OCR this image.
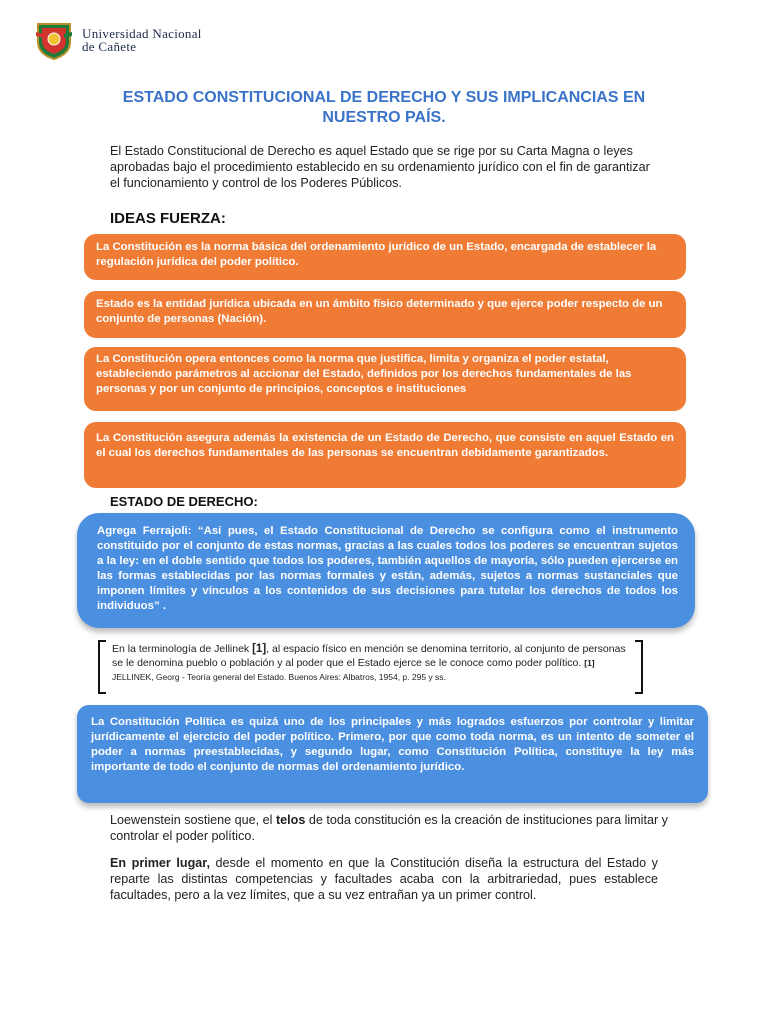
Universidad Nacional
de Cañete
ESTADO CONSTITUCIONAL DE DERECHO Y SUS IMPLICANCIAS EN NUESTRO PAÍS.
El Estado Constitucional de Derecho es aquel Estado que se rige por su Carta Magna o leyes aprobadas bajo el procedimiento establecido en su ordenamiento jurídico con el fin de garantizar el funcionamiento y control de los Poderes Públicos.
IDEAS FUERZA:
La Constitución es la norma básica del ordenamiento jurídico de un Estado, encargada de establecer la regulación jurídica del poder político.
Estado es la entidad jurídica ubicada en un ámbito físico determinado y que ejerce poder respecto de un conjunto de personas (Nación).
La Constitución opera entonces como la norma que justifica, limita y organiza el poder estatal, estableciendo parámetros al accionar del Estado, definidos por los derechos fundamentales de las personas y por un conjunto de principios, conceptos e instituciones
La Constitución asegura además la existencia de un Estado de Derecho, que consiste en aquel Estado en el cual los derechos fundamentales de las personas se encuentran debidamente garantizados.
ESTADO DE DERECHO:
Agrega Ferrajoli: “Así pues, el Estado Constitucional de Derecho se configura como el instrumento constituido por el conjunto de estas normas, gracias a las cuales todos los poderes se encuentran sujetos a la ley: en el doble sentido que todos los poderes, también aquellos de mayoría, sólo pueden ejercerse en las formas establecidas por las normas formales y están, además, sujetos a normas sustanciales que imponen límites y vínculos a los contenidos de sus decisiones para tutelar los derechos de todos los individuos” .
En la terminología de Jellinek [1], al espacio físico en mención se denomina territorio, al conjunto de personas se le denomina pueblo o población y al poder que el Estado ejerce se le conoce como poder político. [1] JELLINEK, Georg - Teoría general del Estado. Buenos Aires: Albatros, 1954, p. 295 y ss.
La Constitución Política es quizá uno de los principales y más logrados esfuerzos por controlar y limitar jurídicamente el ejercicio del poder político. Primero, por que como toda norma, es un intento de someter el poder a normas preestablecidas, y segundo lugar, como Constitución Política, constituye la ley más importante de todo el conjunto de normas del ordenamiento jurídico.
Loewenstein sostiene que, el telos de toda constitución es la creación de instituciones para limitar y controlar el poder político.
En primer lugar, desde el momento en que la Constitución diseña la estructura del Estado y reparte las distintas competencias y facultades acaba con la arbitrariedad, pues establece facultades, pero a la vez límites, que a su vez entrañan ya un primer control.
